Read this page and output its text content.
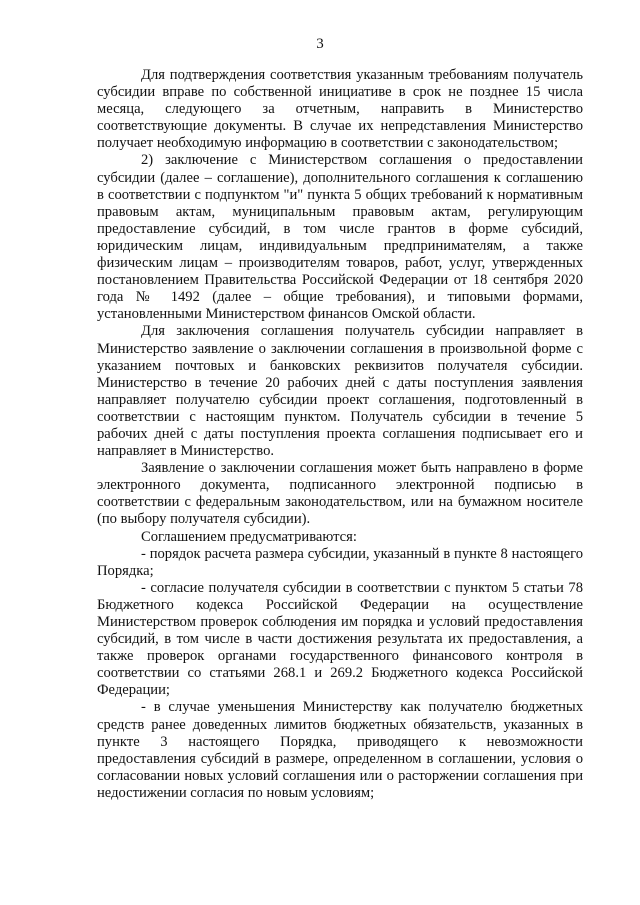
3

Для подтверждения соответствия указанным требованиям получатель субсидии вправе по собственной инициативе в срок не позднее 15 числа месяца, следующего за отчетным, направить в Министерство соответствующие документы. В случае их непредставления Министерство получает необходимую информацию в соответствии с законодательством;

2) заключение с Министерством соглашения о предоставлении субсидии (далее – соглашение), дополнительного соглашения к соглашению в соответствии с подпунктом "и" пункта 5 общих требований к нормативным правовым актам, муниципальным правовым актам, регулирующим предоставление субсидий, в том числе грантов в форме субсидий, юридическим лицам, индивидуальным предпринимателям, а также физическим лицам – производителям товаров, работ, услуг, утвержденных постановлением Правительства Российской Федерации от 18 сентября 2020 года № 1492 (далее – общие требования), и типовыми формами, установленными Министерством финансов Омской области.

Для заключения соглашения получатель субсидии направляет в Министерство заявление о заключении соглашения в произвольной форме с указанием почтовых и банковских реквизитов получателя субсидии. Министерство в течение 20 рабочих дней с даты поступления заявления направляет получателю субсидии проект соглашения, подготовленный в соответствии с настоящим пунктом. Получатель субсидии в течение 5 рабочих дней с даты поступления проекта соглашения подписывает его и направляет в Министерство.

Заявление о заключении соглашения может быть направлено в форме электронного документа, подписанного электронной подписью в соответствии с федеральным законодательством, или на бумажном носителе (по выбору получателя субсидии).

Соглашением предусматриваются:

- порядок расчета размера субсидии, указанный в пункте 8 настоящего Порядка;

- согласие получателя субсидии в соответствии с пунктом 5 статьи 78 Бюджетного кодекса Российской Федерации на осуществление Министерством проверок соблюдения им порядка и условий предоставления субсидий, в том числе в части достижения результата их предоставления, а также проверок органами государственного финансового контроля в соответствии со статьями 268.1 и 269.2 Бюджетного кодекса Российской Федерации;

- в случае уменьшения Министерству как получателю бюджетных средств ранее доведенных лимитов бюджетных обязательств, указанных в пункте 3 настоящего Порядка, приводящего к невозможности предоставления субсидий в размере, определенном в соглашении, условия о согласовании новых условий соглашения или о расторжении соглашения при недостижении согласия по новым условиям;
